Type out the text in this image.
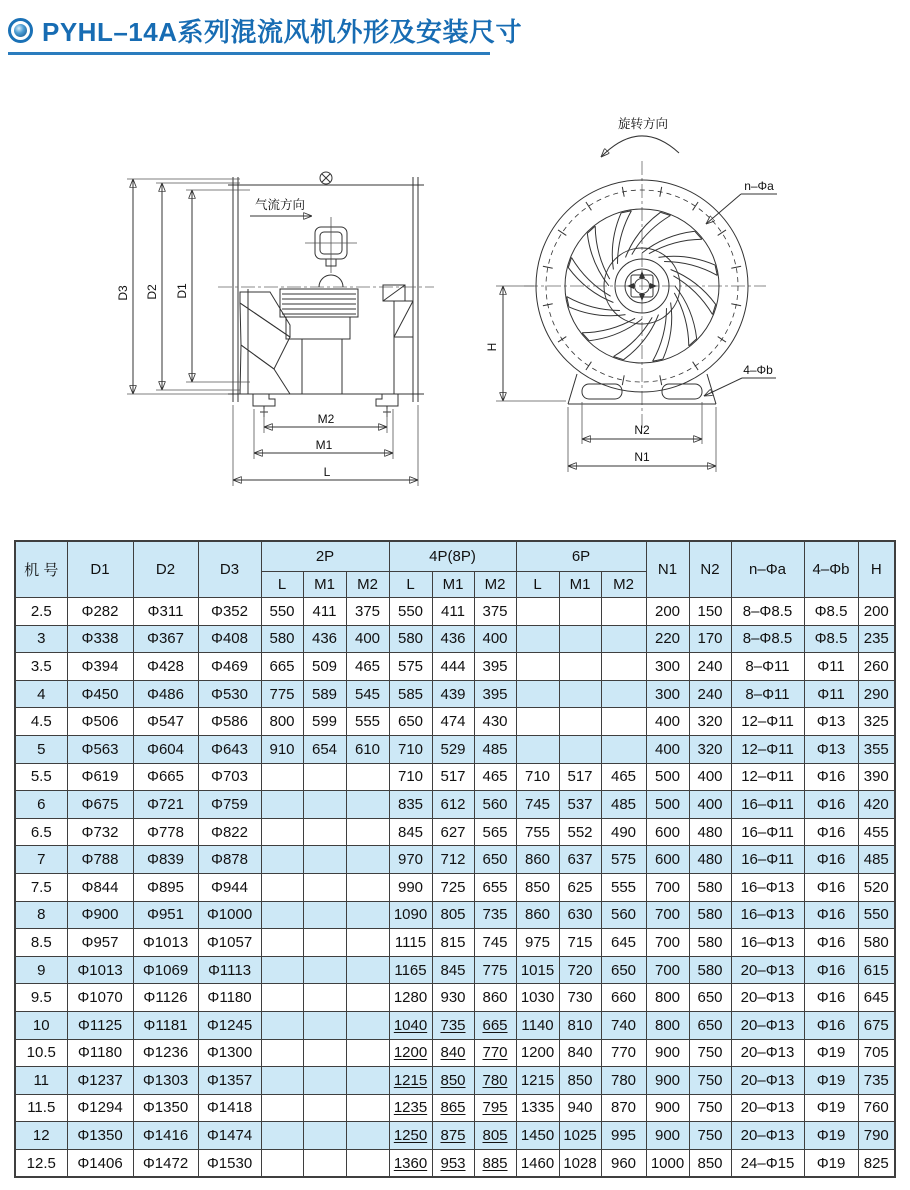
PYHL–14A系列混流风机外形及安装尺寸
气流方向
D3 D2 D1
M2
M1
L
旋转方向
n–Φa
4–Φb
H
N2
N1
机 号	D1	D2	D3	2P			4P(8P)			6P			N1	N2	n–Φa	4–Φb	H
				L	M1	M2	L	M1	M2	L	M1	M2					
2.5	Φ282	Φ311	Φ352	550	411	375	550	411	375				200	150	8–Φ8.5	Φ8.5	200
3	Φ338	Φ367	Φ408	580	436	400	580	436	400				220	170	8–Φ8.5	Φ8.5	235
3.5	Φ394	Φ428	Φ469	665	509	465	575	444	395				300	240	8–Φ11	Φ11	260
4	Φ450	Φ486	Φ530	775	589	545	585	439	395				300	240	8–Φ11	Φ11	290
4.5	Φ506	Φ547	Φ586	800	599	555	650	474	430				400	320	12–Φ11	Φ13	325
5	Φ563	Φ604	Φ643	910	654	610	710	529	485				400	320	12–Φ11	Φ13	355
5.5	Φ619	Φ665	Φ703				710	517	465	710	517	465	500	400	12–Φ11	Φ16	390
6	Φ675	Φ721	Φ759				835	612	560	745	537	485	500	400	16–Φ11	Φ16	420
6.5	Φ732	Φ778	Φ822				845	627	565	755	552	490	600	480	16–Φ11	Φ16	455
7	Φ788	Φ839	Φ878				970	712	650	860	637	575	600	480	16–Φ11	Φ16	485
7.5	Φ844	Φ895	Φ944				990	725	655	850	625	555	700	580	16–Φ13	Φ16	520
8	Φ900	Φ951	Φ1000				1090	805	735	860	630	560	700	580	16–Φ13	Φ16	550
8.5	Φ957	Φ1013	Φ1057				1115	815	745	975	715	645	700	580	16–Φ13	Φ16	580
9	Φ1013	Φ1069	Φ1113				1165	845	775	1015	720	650	700	580	20–Φ13	Φ16	615
9.5	Φ1070	Φ1126	Φ1180				1280	930	860	1030	730	660	800	650	20–Φ13	Φ16	645
10	Φ1125	Φ1181	Φ1245				1040	735	665	1140	810	740	800	650	20–Φ13	Φ16	675
10.5	Φ1180	Φ1236	Φ1300				1200	840	770	1200	840	770	900	750	20–Φ13	Φ19	705
11	Φ1237	Φ1303	Φ1357				1215	850	780	1215	850	780	900	750	20–Φ13	Φ19	735
11.5	Φ1294	Φ1350	Φ1418				1235	865	795	1335	940	870	900	750	20–Φ13	Φ19	760
12	Φ1350	Φ1416	Φ1474				1250	875	805	1450	1025	995	900	750	20–Φ13	Φ19	790
12.5	Φ1406	Φ1472	Φ1530				1360	953	885	1460	1028	960	1000	850	24–Φ15	Φ19	825
